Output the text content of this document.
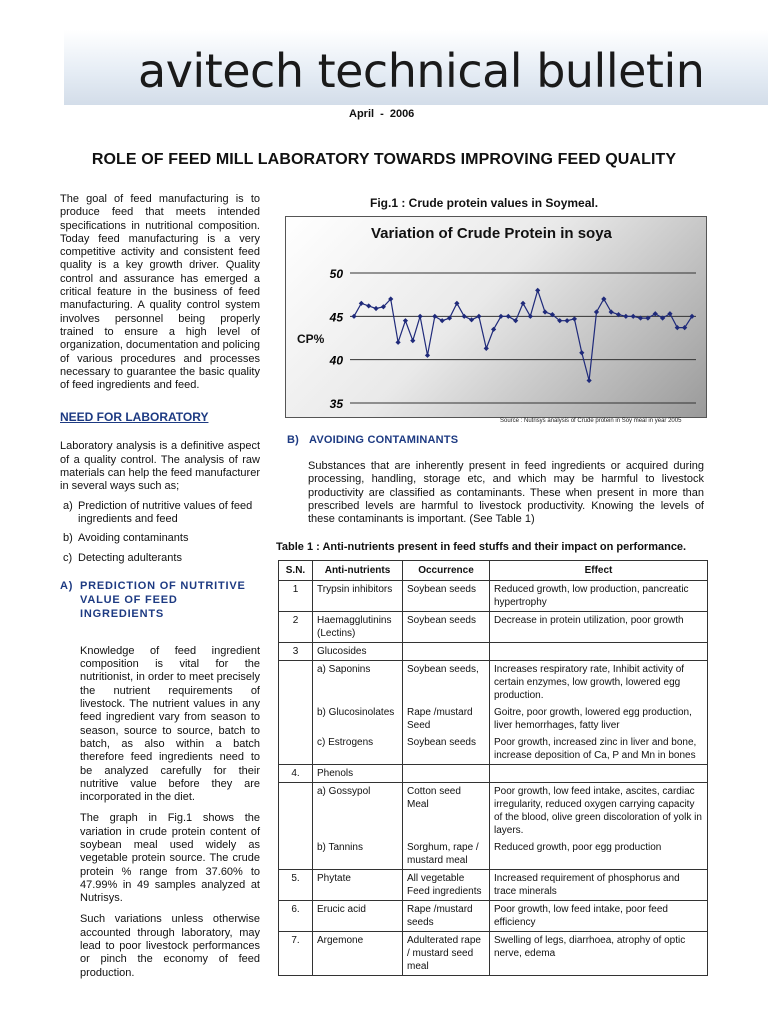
avitech technical bulletin
April - 2006
ROLE OF FEED MILL LABORATORY TOWARDS IMPROVING FEED QUALITY

The goal of feed manufacturing is to produce feed that meets intended specifications in nutritional composition. Today feed manufacturing is a very competitive activity and consistent feed quality is a key growth driver. Quality control and assurance has emerged a critical feature in the business of feed manufacturing. A quality control system involves personnel being properly trained to ensure a high level of organization, documentation and policing of various procedures and processes necessary to guarantee the basic quality of feed ingredients and feed.

NEED FOR LABORATORY

Laboratory analysis is a definitive aspect of a quality control. The analysis of raw materials can help the feed manufacturer in several ways such as;

a) Prediction of nutritive values of feed ingredients and feed
b) Avoiding contaminants
c) Detecting adulterants
A) PREDICTION OF NUTRITIVE VALUE OF FEED INGREDIENTS

Knowledge of feed ingredient composition is vital for the nutritionist, in order to meet precisely the nutrient requirements of livestock. The nutrient values in any feed ingredient vary from season to season, source to source, batch to batch, as also within a batch therefore feed ingredients need to be analyzed carefully for their nutritive value before they are incorporated in the diet.

The graph in Fig.1 shows the variation in crude protein content of soybean meal used widely as vegetable protein source. The crude protein % range from 37.60% to 47.99% in 49 samples analyzed at Nutrisys.

Such variations unless otherwise accounted through laboratory, may lead to poor livestock performances or pinch the economy of feed production.

Fig.1 : Crude protein values in Soymeal.
Variation of Crude Protein in soya
CP%
35
40
45
50
Source : Nutrisys analysis of Crude protein in Soy meal in year 2005
B) AVOIDING CONTAMINANTS

Substances that are inherently present in feed ingredients or acquired during processing, handling, storage etc, and which may be harmful to livestock productivity are classified as contaminants. These when present in more than prescribed levels are harmful to livestock productivity. Knowing the levels of these contaminants is important. (See Table 1)

Table 1 : Anti-nutrients present in feed stuffs and their impact on performance.
S.N.	Anti-nutrients	Occurrence	Effect
1	Trypsin inhibitors	Soybean seeds	Reduced growth, low production, pancreatic hypertrophy
2	Haemagglutinins (Lectins)	Soybean seeds	Decrease in protein utilization, poor growth
3	Glucosides		
	a) Saponins	Soybean seeds,	Increases respiratory rate, Inhibit activity of certain enzymes, low growth, lowered egg production.
	b) Glucosinolates	Rape /mustard Seed	Goitre, poor growth, lowered egg production, liver hemorrhages, fatty liver
	c) Estrogens	Soybean seeds	Poor growth, increased zinc in liver and bone, increase deposition of Ca, P and Mn in bones
4.	Phenols		
	a) Gossypol	Cotton seed Meal	Poor growth, low feed intake, ascites, cardiac irregularity, reduced oxygen carrying capacity of the blood, olive green discoloration of yolk in layers.
	b) Tannins	Sorghum, rape / mustard meal	Reduced growth, poor egg production
5.	Phytate	All vegetable Feed ingredients	Increased requirement of phosphorus and trace minerals
6.	Erucic acid	Rape /mustard seeds	Poor growth, low feed intake, poor feed efficiency
7.	Argemone	Adulterated rape / mustard seed meal	Swelling of legs, diarrhoea, atrophy of optic nerve, edema
